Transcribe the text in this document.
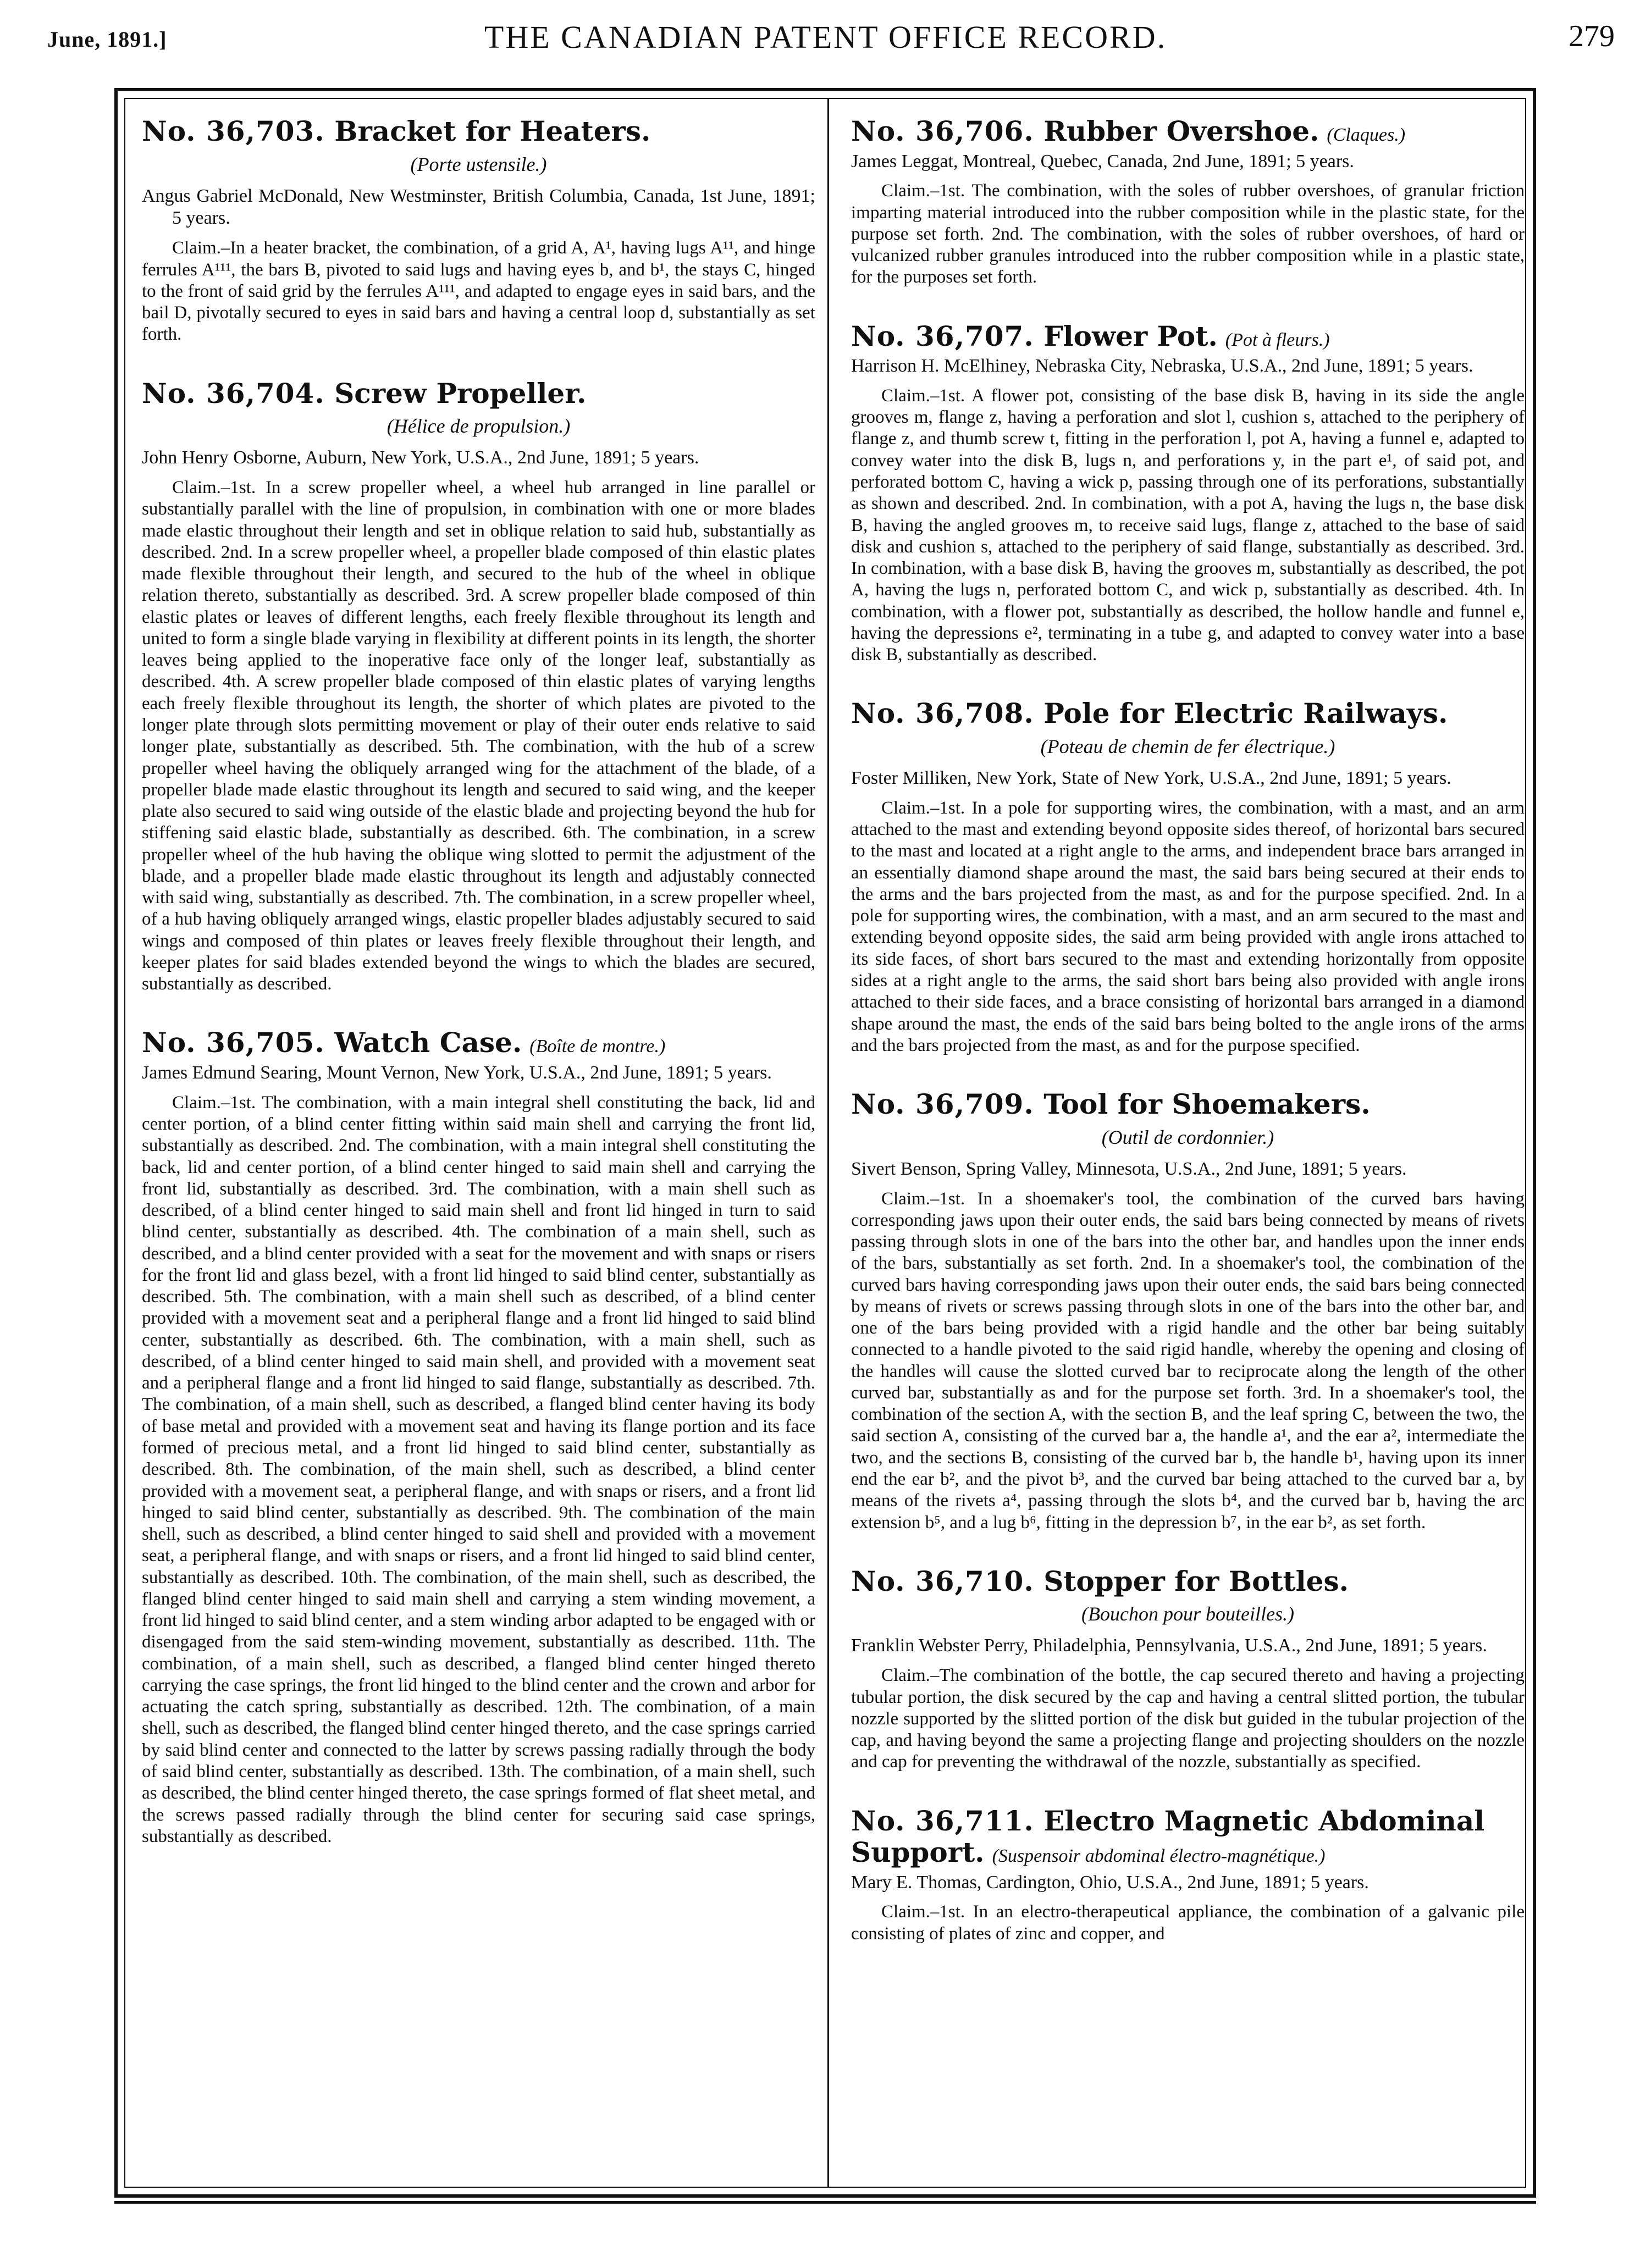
June, 1891.]	THE CANADIAN PATENT OFFICE RECORD.	279
No. 36,703. Bracket for Heaters.
(Porte ustensile.)

Angus Gabriel McDonald, New Westminster, British Columbia, Canada, 1st June, 1891; 5 years.

Claim.–In a heater bracket, the combination, of a grid A, A¹, having lugs A¹¹, and hinge ferrules A¹¹¹, the bars B, pivoted to said lugs and having eyes b, and b¹, the stays C, hinged to the front of said grid by the ferrules A¹¹¹, and adapted to engage eyes in said bars, and the bail D, pivotally secured to eyes in said bars and having a central loop d, substantially as set forth.

No. 36,704. Screw Propeller.
(Hélice de propulsion.)

John Henry Osborne, Auburn, New York, U.S.A., 2nd June, 1891; 5 years.

Claim.–1st. In a screw propeller wheel, a wheel hub arranged in line parallel or substantially parallel with the line of propulsion, in combination with one or more blades made elastic throughout their length and set in oblique relation to said hub, substantially as described. 2nd. In a screw propeller wheel, a propeller blade composed of thin elastic plates made flexible throughout their length, and secured to the hub of the wheel in oblique relation thereto, substantially as described. 3rd. A screw propeller blade composed of thin elastic plates or leaves of different lengths, each freely flexible throughout its length and united to form a single blade varying in flexibility at different points in its length, the shorter leaves being applied to the inoperative face only of the longer leaf, substantially as described. 4th. A screw propeller blade composed of thin elastic plates of varying lengths each freely flexible throughout its length, the shorter of which plates are pivoted to the longer plate through slots permitting movement or play of their outer ends relative to said longer plate, substantially as described. 5th. The combination, with the hub of a screw propeller wheel having the obliquely arranged wing for the attachment of the blade, of a propeller blade made elastic throughout its length and secured to said wing, and the keeper plate also secured to said wing outside of the elastic blade and projecting beyond the hub for stiffening said elastic blade, substantially as described. 6th. The combination, in a screw propeller wheel of the hub having the oblique wing slotted to permit the adjustment of the blade, and a propeller blade made elastic throughout its length and adjustably connected with said wing, substantially as described. 7th. The combination, in a screw propeller wheel, of a hub having obliquely arranged wings, elastic propeller blades adjustably secured to said wings and composed of thin plates or leaves freely flexible throughout their length, and keeper plates for said blades extended beyond the wings to which the blades are secured, substantially as described.

No. 36,705. Watch Case. (Boîte de montre.)

James Edmund Searing, Mount Vernon, New York, U.S.A., 2nd June, 1891; 5 years.

Claim.–1st. The combination, with a main integral shell constituting the back, lid and center portion, of a blind center fitting within said main shell and carrying the front lid, substantially as described. 2nd. The combination, with a main integral shell constituting the back, lid and center portion, of a blind center hinged to said main shell and carrying the front lid, substantially as described. 3rd. The combination, with a main shell such as described, of a blind center hinged to said main shell and front lid hinged in turn to said blind center, substantially as described. 4th. The combination of a main shell, such as described, and a blind center provided with a seat for the movement and with snaps or risers for the front lid and glass bezel, with a front lid hinged to said blind center, substantially as described. 5th. The combination, with a main shell such as described, of a blind center provided with a movement seat and a peripheral flange and a front lid hinged to said blind center, substantially as described. 6th. The combination, with a main shell, such as described, of a blind center hinged to said main shell, and provided with a movement seat and a peripheral flange and a front lid hinged to said flange, substantially as described. 7th. The combination, of a main shell, such as described, a flanged blind center having its body of base metal and provided with a movement seat and having its flange portion and its face formed of precious metal, and a front lid hinged to said blind center, substantially as described. 8th. The combination, of the main shell, such as described, a blind center provided with a movement seat, a peripheral flange, and with snaps or risers, and a front lid hinged to said blind center, substantially as described. 9th. The combination of the main shell, such as described, a blind center hinged to said shell and provided with a movement seat, a peripheral flange, and with snaps or risers, and a front lid hinged to said blind center, substantially as described. 10th. The combination, of the main shell, such as described, the flanged blind center hinged to said main shell and carrying a stem winding movement, a front lid hinged to said blind center, and a stem winding arbor adapted to be engaged with or disengaged from the said stem-winding movement, substantially as described. 11th. The combination, of a main shell, such as described, a flanged blind center hinged thereto carrying the case springs, the front lid hinged to the blind center and the crown and arbor for actuating the catch spring, substantially as described. 12th. The combination, of a main shell, such as described, the flanged blind center hinged thereto, and the case springs carried by said blind center and connected to the latter by screws passing radially through the body of said blind center, substantially as described. 13th. The combination, of a main shell, such as described, the blind center hinged thereto, the case springs formed of flat sheet metal, and the screws passed radially through the blind center for securing said case springs, substantially as described.

No. 36,706. Rubber Overshoe. (Claques.)

James Leggat, Montreal, Quebec, Canada, 2nd June, 1891; 5 years.

Claim.–1st. The combination, with the soles of rubber overshoes, of granular friction imparting material introduced into the rubber composition while in the plastic state, for the purpose set forth. 2nd. The combination, with the soles of rubber overshoes, of hard or vulcanized rubber granules introduced into the rubber composition while in a plastic state, for the purposes set forth.

No. 36,707. Flower Pot. (Pot à fleurs.)

Harrison H. McElhiney, Nebraska City, Nebraska, U.S.A., 2nd June, 1891; 5 years.

Claim.–1st. A flower pot, consisting of the base disk B, having in its side the angle grooves m, flange z, having a perforation and slot l, cushion s, attached to the periphery of flange z, and thumb screw t, fitting in the perforation l, pot A, having a funnel e, adapted to convey water into the disk B, lugs n, and perforations y, in the part e¹, of said pot, and perforated bottom C, having a wick p, passing through one of its perforations, substantially as shown and described. 2nd. In combination, with a pot A, having the lugs n, the base disk B, having the angled grooves m, to receive said lugs, flange z, attached to the base of said disk and cushion s, attached to the periphery of said flange, substantially as described. 3rd. In combination, with a base disk B, having the grooves m, substantially as described, the pot A, having the lugs n, perforated bottom C, and wick p, substantially as described. 4th. In combination, with a flower pot, substantially as described, the hollow handle and funnel e, having the depressions e², terminating in a tube g, and adapted to convey water into a base disk B, substantially as described.

No. 36,708. Pole for Electric Railways.
(Poteau de chemin de fer électrique.)

Foster Milliken, New York, State of New York, U.S.A., 2nd June, 1891; 5 years.

Claim.–1st. In a pole for supporting wires, the combination, with a mast, and an arm attached to the mast and extending beyond opposite sides thereof, of horizontal bars secured to the mast and located at a right angle to the arms, and independent brace bars arranged in an essentially diamond shape around the mast, the said bars being secured at their ends to the arms and the bars projected from the mast, as and for the purpose specified. 2nd. In a pole for supporting wires, the combination, with a mast, and an arm secured to the mast and extending beyond opposite sides, the said arm being provided with angle irons attached to its side faces, of short bars secured to the mast and extending horizontally from opposite sides at a right angle to the arms, the said short bars being also provided with angle irons attached to their side faces, and a brace consisting of horizontal bars arranged in a diamond shape around the mast, the ends of the said bars being bolted to the angle irons of the arms and the bars projected from the mast, as and for the purpose specified.

No. 36,709. Tool for Shoemakers.
(Outil de cordonnier.)

Sivert Benson, Spring Valley, Minnesota, U.S.A., 2nd June, 1891; 5 years.

Claim.–1st. In a shoemaker's tool, the combination of the curved bars having corresponding jaws upon their outer ends, the said bars being connected by means of rivets passing through slots in one of the bars into the other bar, and handles upon the inner ends of the bars, substantially as set forth. 2nd. In a shoemaker's tool, the combination of the curved bars having corresponding jaws upon their outer ends, the said bars being connected by means of rivets or screws passing through slots in one of the bars into the other bar, and one of the bars being provided with a rigid handle and the other bar being suitably connected to a handle pivoted to the said rigid handle, whereby the opening and closing of the handles will cause the slotted curved bar to reciprocate along the length of the other curved bar, substantially as and for the purpose set forth. 3rd. In a shoemaker's tool, the combination of the section A, with the section B, and the leaf spring C, between the two, the said section A, consisting of the curved bar a, the handle a¹, and the ear a², intermediate the two, and the sections B, consisting of the curved bar b, the handle b¹, having upon its inner end the ear b², and the pivot b³, and the curved bar being attached to the curved bar a, by means of the rivets a⁴, passing through the slots b⁴, and the curved bar b, having the arc extension b⁵, and a lug b⁶, fitting in the depression b⁷, in the ear b², as set forth.

No. 36,710. Stopper for Bottles.
(Bouchon pour bouteilles.)

Franklin Webster Perry, Philadelphia, Pennsylvania, U.S.A., 2nd June, 1891; 5 years.

Claim.–The combination of the bottle, the cap secured thereto and having a projecting tubular portion, the disk secured by the cap and having a central slitted portion, the tubular nozzle supported by the slitted portion of the disk but guided in the tubular projection of the cap, and having beyond the same a projecting flange and projecting shoulders on the nozzle and cap for preventing the withdrawal of the nozzle, substantially as specified.

No. 36,711. Electro Magnetic Abdominal Support. (Suspensoir abdominal électro-magnétique.)

Mary E. Thomas, Cardington, Ohio, U.S.A., 2nd June, 1891; 5 years.

Claim.–1st. In an electro-therapeutical appliance, the combination of a galvanic pile consisting of plates of zinc and copper, and
